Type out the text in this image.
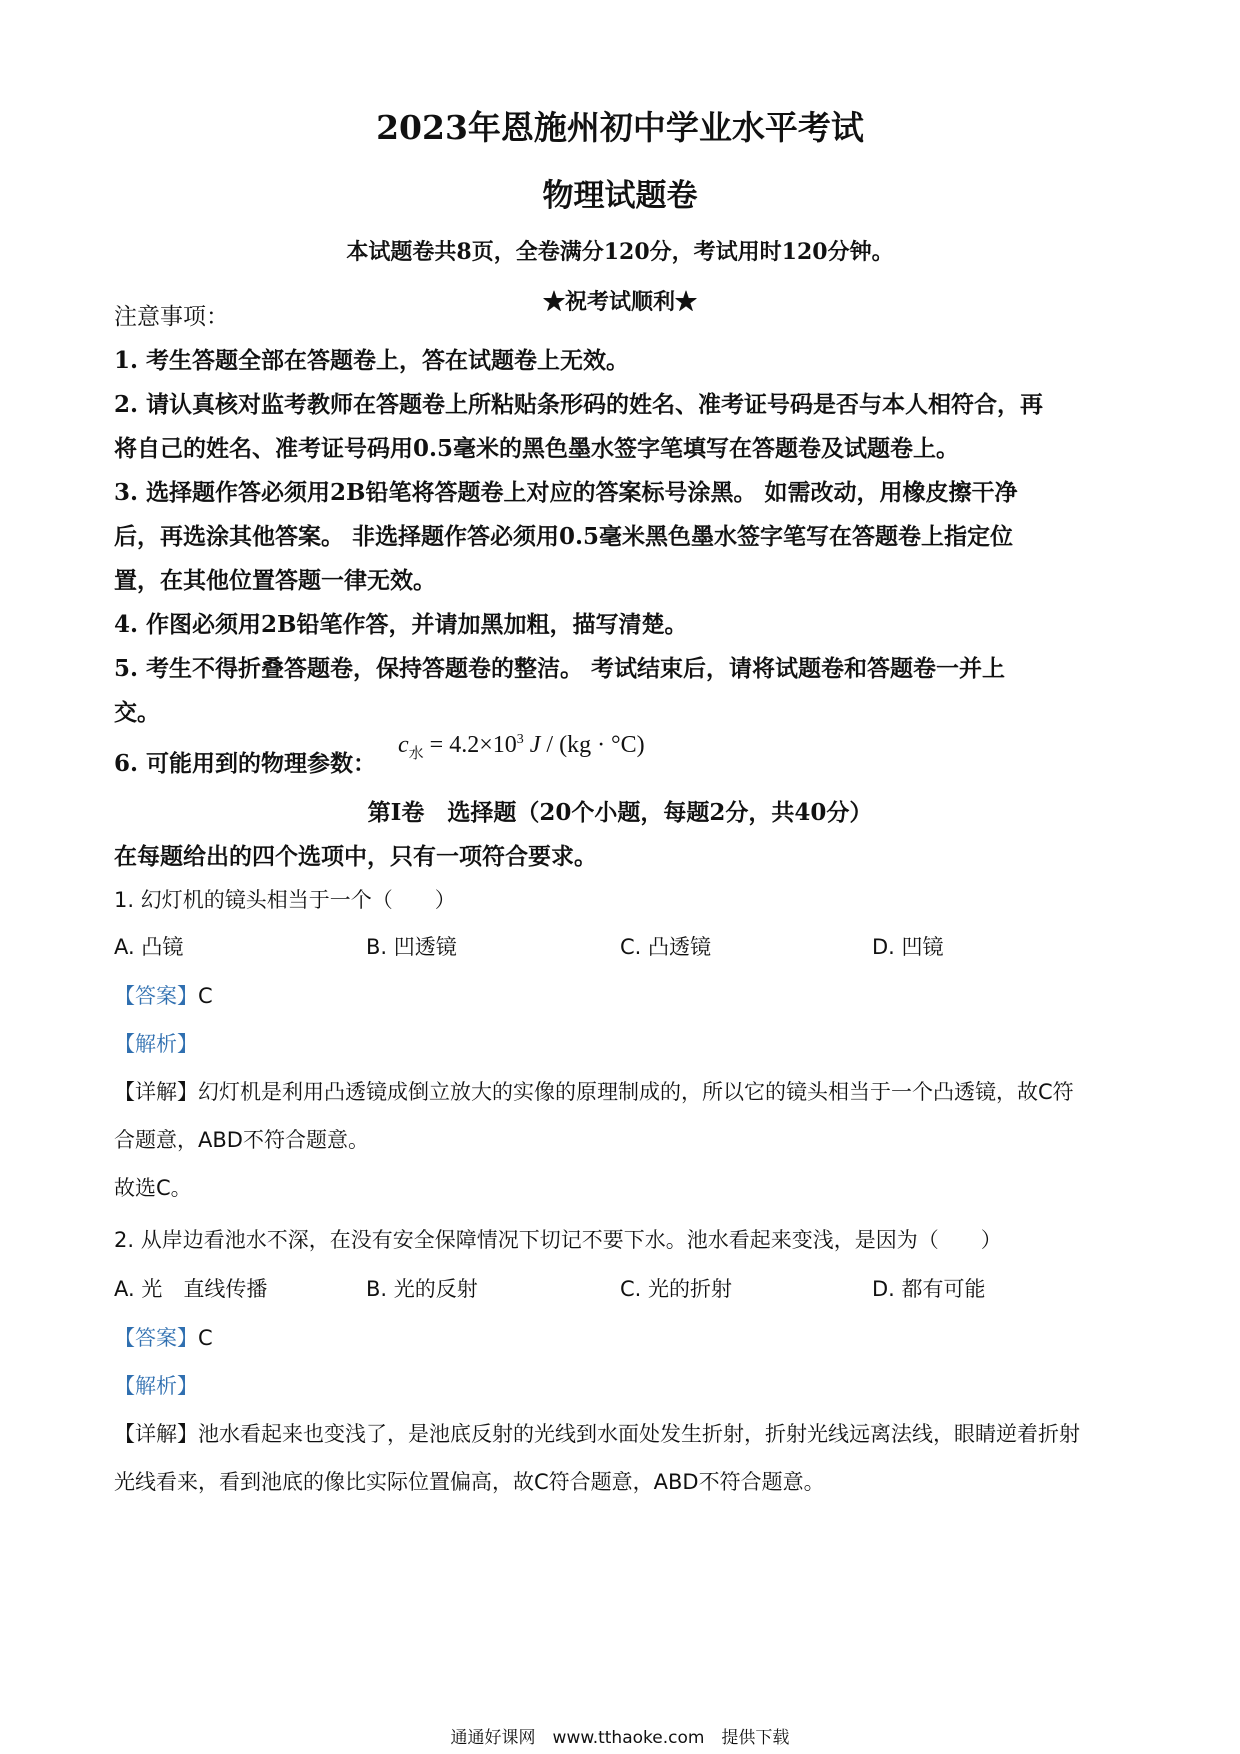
2023年恩施州初中学业水平考试
物理试题卷
本试题卷共8页，全卷满分120分，考试用时120分钟。
★祝考试顺利★
注意事项：
1. 考生答题全部在答题卷上，答在试题卷上无效。
2. 请认真核对监考教师在答题卷上所粘贴条形码的姓名、准考证号码是否与本人相符合，再
将自己的姓名、准考证号码用0.5毫米的黑色墨水签字笔填写在答题卷及试题卷上。
3. 选择题作答必须用2B铅笔将答题卷上对应的答案标号涂黑。 如需改动，用橡皮擦干净
后，再选涂其他答案。 非选择题作答必须用0.5毫米黑色墨水签字笔写在答题卷上指定位
置，在其他位置答题一律无效。
4. 作图必须用2B铅笔作答，并请加黑加粗，描写清楚。
5. 考生不得折叠答题卷，保持答题卷的整洁。 考试结束后，请将试题卷和答题卷一并上
交。
6. 可能用到的物理参数：
$c_水 = 4.2\times 10^3$ J / (kg · °C)
第Ⅰ卷　选择题（20个小题，每题2分，共40分）
在每题给出的四个选项中，只有一项符合要求。
1. 幻灯机的镜头相当于一个（　　）
A. 凸镜	B. 凹透镜	C. 凸透镜	D. 凹镜
【答案】C
【解析】
【详解】幻灯机是利用凸透镜成倒立放大的实像的原理制成的，所以它的镜头相当于一个凸透镜，故C符
合题意，ABD不符合题意。
故选C。
2. 从岸边看池水不深，在没有安全保障情况下切记不要下水。池水看起来变浅，是因为（　　）
A. 光　直线传播	B. 光的反射	C. 光的折射	D. 都有可能
【答案】C
【解析】
【详解】池水看起来也变浅了，是池底反射的光线到水面处发生折射，折射光线远离法线，眼睛逆着折射
光线看来，看到池底的像比实际位置偏高，故C符合题意，ABD不符合题意。
通通好课网　www.tthaoke.com　提供下载
